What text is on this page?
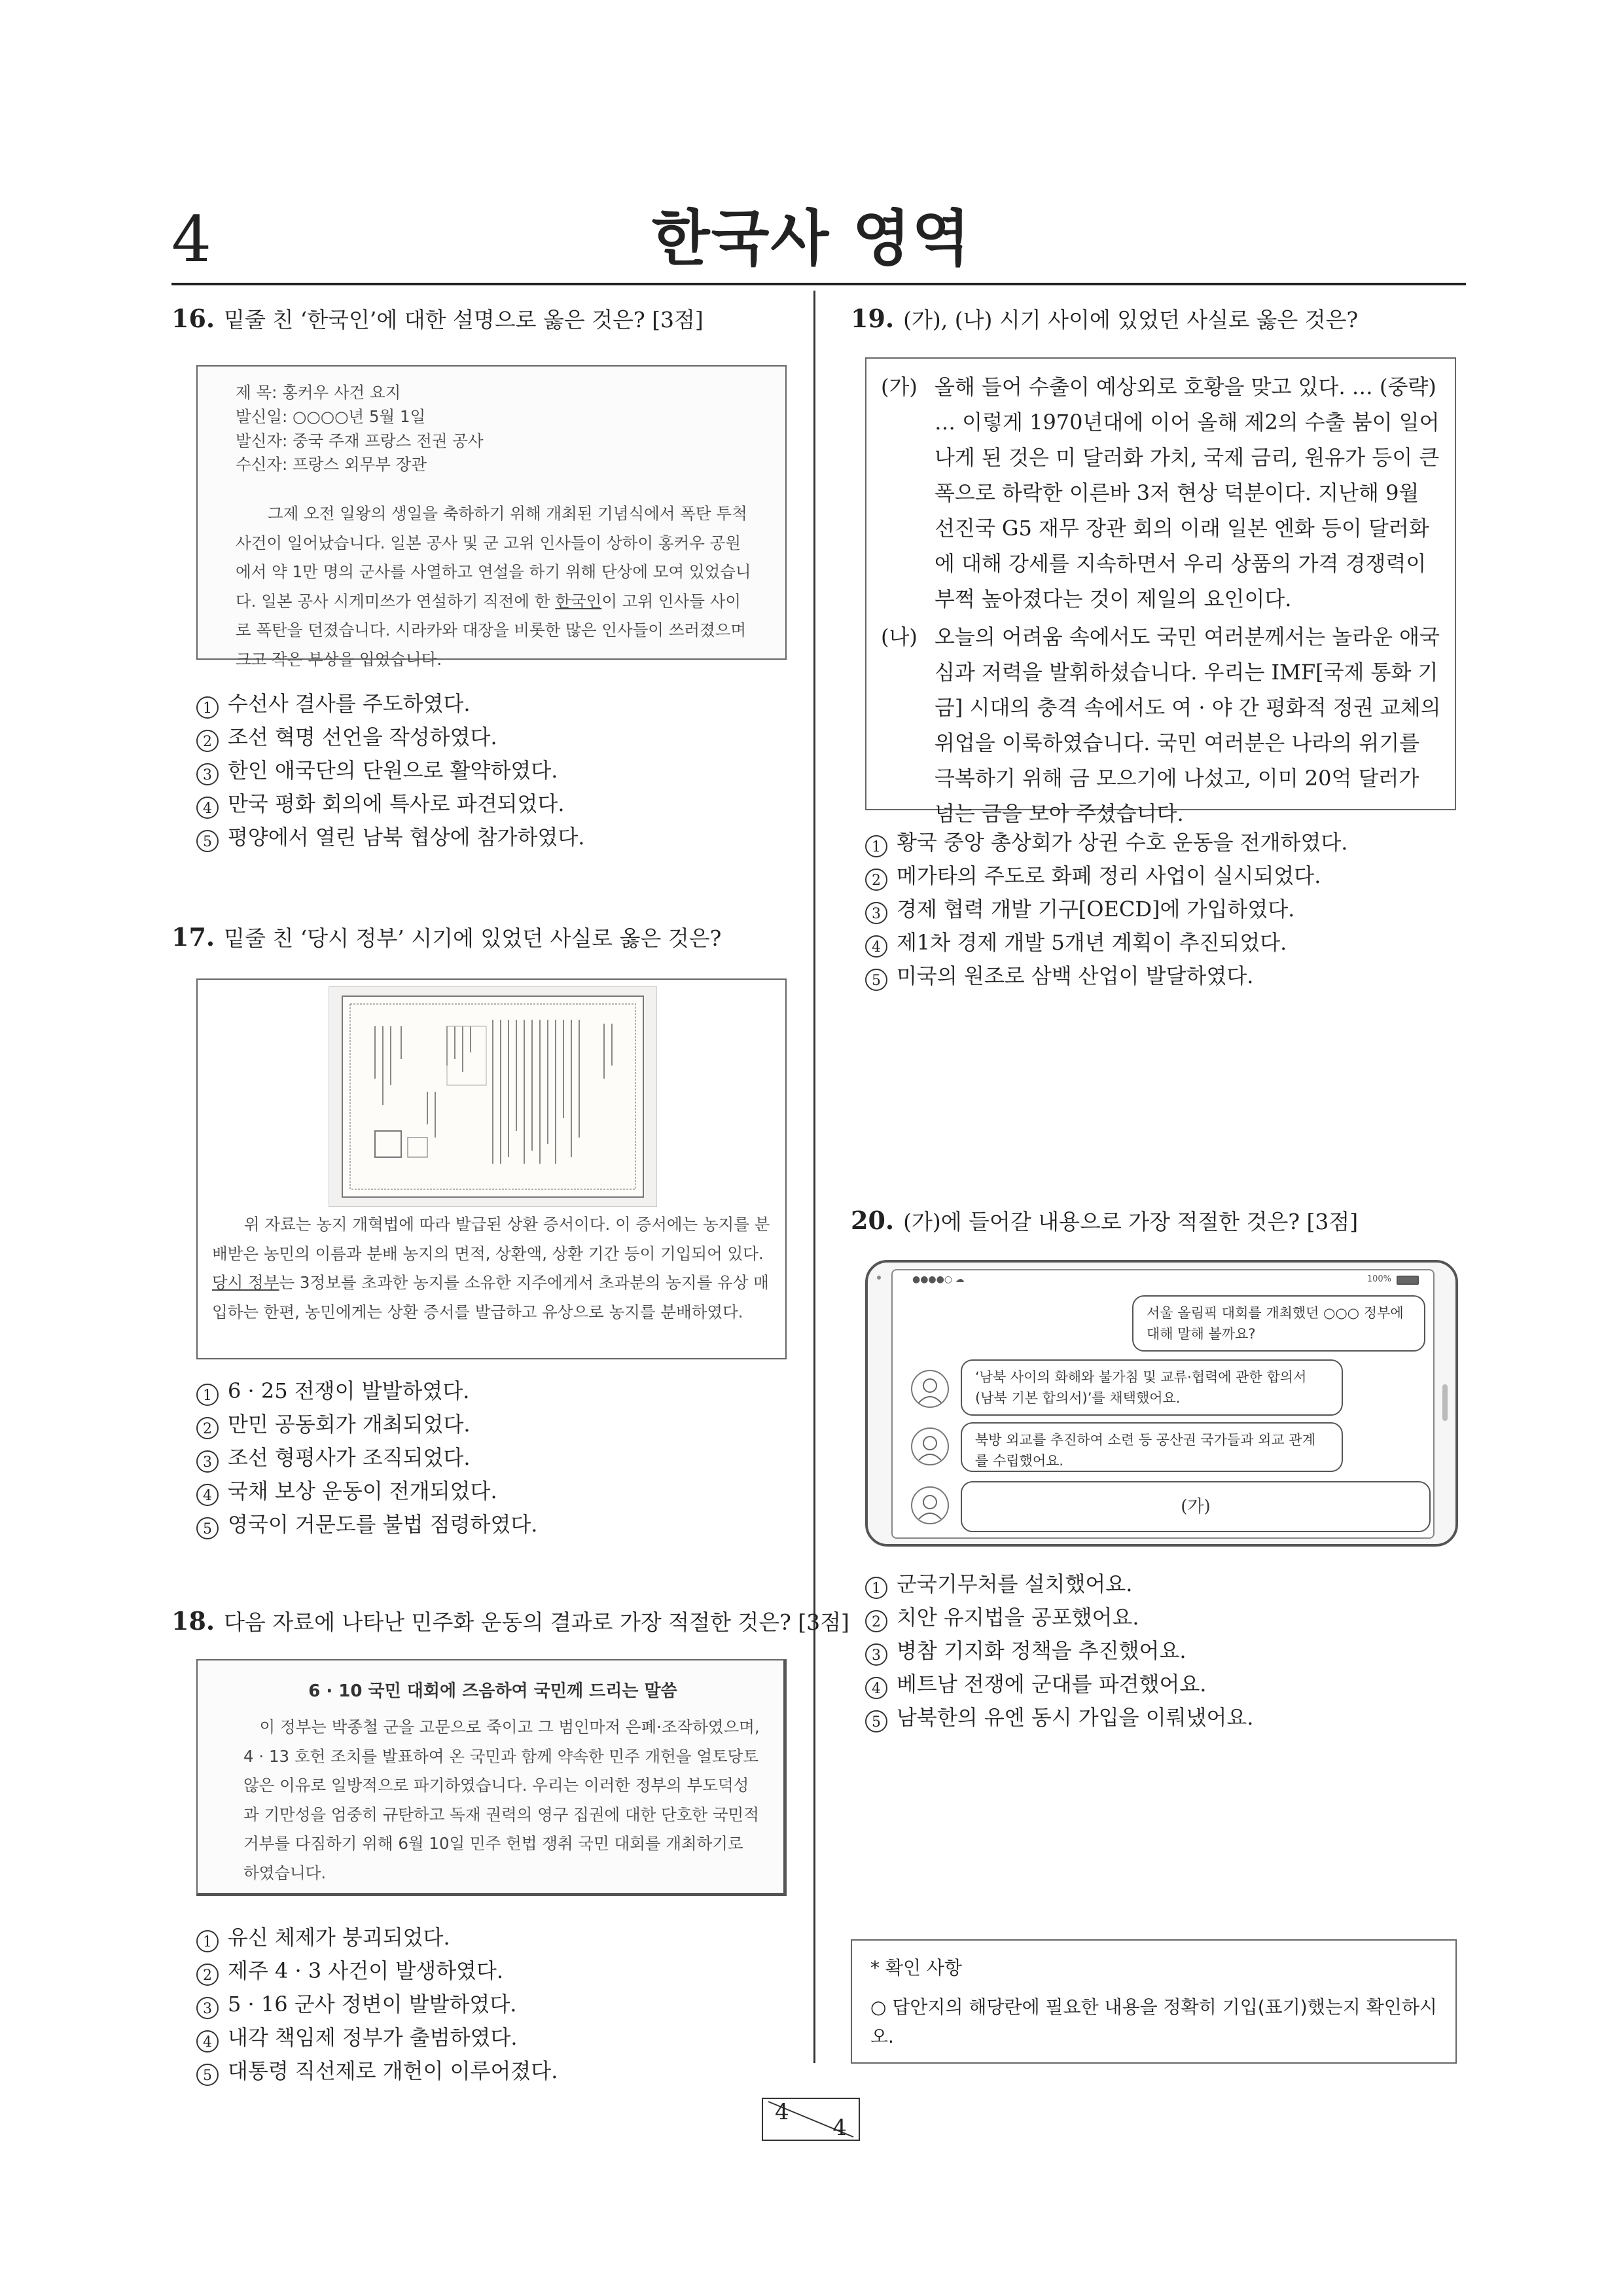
4	한국사 영역
16. 밑줄 친 ‘한국인’에 대한 설명으로 옳은 것은? [3점]
제 목: 홍커우 사건 요지
발신일: ○○○○년 5월 1일
발신자: 중국 주재 프랑스 전권 공사
수신자: 프랑스 외무부 장관
그제 오전 일왕의 생일을 축하하기 위해 개최된 기념식에서 폭탄 투척 사건이 일어났습니다. 일본 공사 및 군 고위 인사들이 상하이 홍커우 공원에서 약 1만 명의 군사를 사열하고 연설을 하기 위해 단상에 모여 있었습니다. 일본 공사 시게미쓰가 연설하기 직전에 한 한국인이 고위 인사들 사이로 폭탄을 던졌습니다. 시라카와 대장을 비롯한 많은 인사들이 쓰러졌으며 크고 작은 부상을 입었습니다.
1 수선사 결사를 주도하였다.
2 조선 혁명 선언을 작성하였다.
3 한인 애국단의 단원으로 활약하였다.
4 만국 평화 회의에 특사로 파견되었다.
5 평양에서 열린 남북 협상에 참가하였다.
17. 밑줄 친 ‘당시 정부’ 시기에 있었던 사실로 옳은 것은?
위 자료는 농지 개혁법에 따라 발급된 상환 증서이다. 이 증서에는 농지를 분배받은 농민의 이름과 분배 농지의 면적, 상환액, 상환 기간 등이 기입되어 있다. 당시 정부는 3정보를 초과한 농지를 소유한 지주에게서 초과분의 농지를 유상 매입하는 한편, 농민에게는 상환 증서를 발급하고 유상으로 농지를 분배하였다.
1 6 · 25 전쟁이 발발하였다.
2 만민 공동회가 개최되었다.
3 조선 형평사가 조직되었다.
4 국채 보상 운동이 전개되었다.
5 영국이 거문도를 불법 점령하였다.
18. 다음 자료에 나타난 민주화 운동의 결과로 가장 적절한 것은? [3점]
6 · 10 국민 대회에 즈음하여 국민께 드리는 말씀
이 정부는 박종철 군을 고문으로 죽이고 그 범인마저 은폐·조작하였으며, 4 · 13 호헌 조치를 발표하여 온 국민과 함께 약속한 민주 개헌을 얼토당토않은 이유로 일방적으로 파기하였습니다. 우리는 이러한 정부의 부도덕성과 기만성을 엄중히 규탄하고 독재 권력의 영구 집권에 대한 단호한 국민적 거부를 다짐하기 위해 6월 10일 민주 헌법 쟁취 국민 대회를 개최하기로 하였습니다.
1 유신 체제가 붕괴되었다.
2 제주 4 · 3 사건이 발생하였다.
3 5 · 16 군사 정변이 발발하였다.
4 내각 책임제 정부가 출범하였다.
5 대통령 직선제로 개헌이 이루어졌다.
19. (가), (나) 시기 사이에 있었던 사실로 옳은 것은?
(가) 올해 들어 수출이 예상외로 호황을 맞고 있다. … (중략) … 이렇게 1970년대에 이어 올해 제2의 수출 붐이 일어나게 된 것은 미 달러화 가치, 국제 금리, 원유가 등이 큰 폭으로 하락한 이른바 3저 현상 덕분이다. 지난해 9월 선진국 G5 재무 장관 회의 이래 일본 엔화 등이 달러화에 대해 강세를 지속하면서 우리 상품의 가격 경쟁력이 부쩍 높아졌다는 것이 제일의 요인이다.
(나) 오늘의 어려움 속에서도 국민 여러분께서는 놀라운 애국심과 저력을 발휘하셨습니다. 우리는 IMF[국제 통화 기금] 시대의 충격 속에서도 여 · 야 간 평화적 정권 교체의 위업을 이룩하였습니다. 국민 여러분은 나라의 위기를 극복하기 위해 금 모으기에 나섰고, 이미 20억 달러가 넘는 금을 모아 주셨습니다.
1 황국 중앙 총상회가 상권 수호 운동을 전개하였다.
2 메가타의 주도로 화폐 정리 사업이 실시되었다.
3 경제 협력 개발 기구[OECD]에 가입하였다.
4 제1차 경제 개발 5개년 계획이 추진되었다.
5 미국의 원조로 삼백 산업이 발달하였다.
20. (가)에 들어갈 내용으로 가장 적절한 것은? [3점]
●●●●○ ☁	100%
서울 올림픽 대회를 개최했던 ○○○ 정부에 대해 말해 볼까요?
‘남북 사이의 화해와 불가침 및 교류·협력에 관한 합의서 (남북 기본 합의서)’를 채택했어요.
북방 외교를 추진하여 소련 등 공산권 국가들과 외교 관계를 수립했어요.
(가)
1 군국기무처를 설치했어요.
2 치안 유지법을 공포했어요.
3 병참 기지화 정책을 추진했어요.
4 베트남 전쟁에 군대를 파견했어요.
5 남북한의 유엔 동시 가입을 이뤄냈어요.
* 확인 사항
○ 답안지의 해당란에 필요한 내용을 정확히 기입(표기)했는지 확인하시오.
4
4
